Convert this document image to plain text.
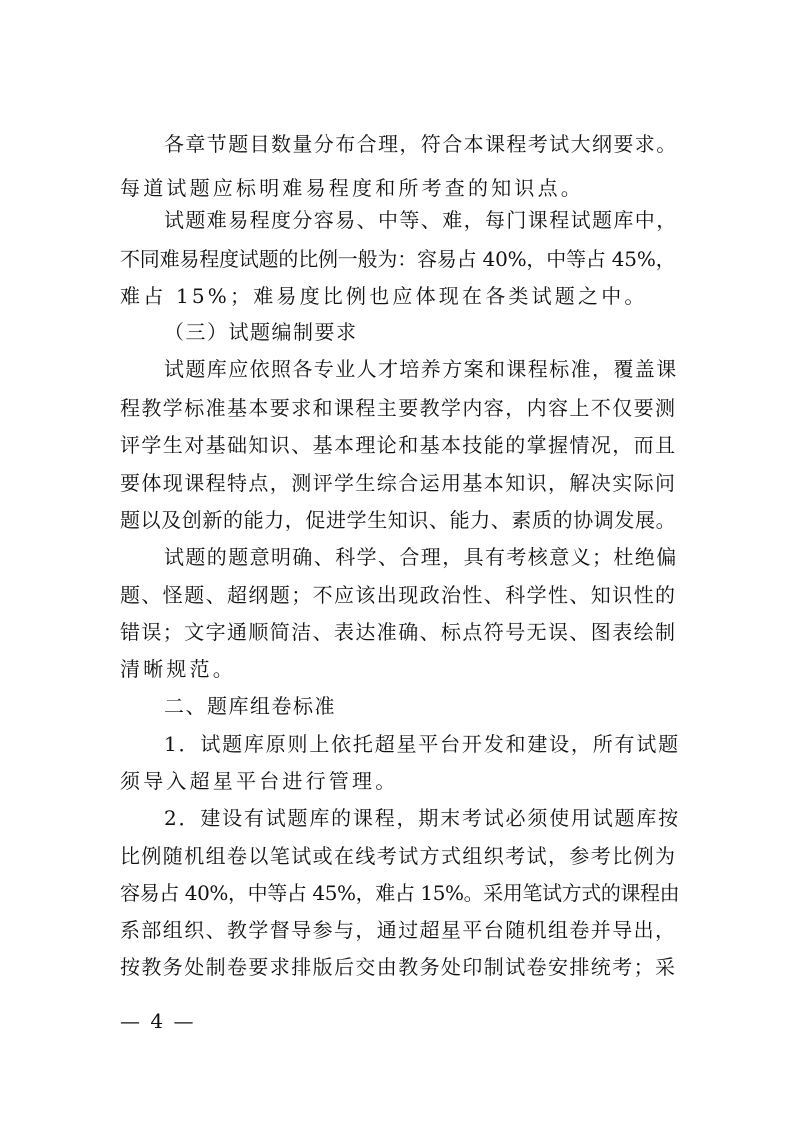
各章节题目数量分布合理，符合本课程考试大纲要求。
每道试题应标明难易程度和所考查的知识点。
试题难易程度分容易、中等、难，每门课程试题库中，
不同难易程度试题的比例一般为：容易占 40%，中等占 45%，
难占 15%；难易度比例也应体现在各类试题之中。
（三）试题编制要求
试题库应依照各专业人才培养方案和课程标准，覆盖课
程教学标准基本要求和课程主要教学内容，内容上不仅要测
评学生对基础知识、基本理论和基本技能的掌握情况，而且
要体现课程特点，测评学生综合运用基本知识，解决实际问
题以及创新的能力，促进学生知识、能力、素质的协调发展。
试题的题意明确、科学、合理，具有考核意义；杜绝偏
题、怪题、超纲题；不应该出现政治性、科学性、知识性的
错误；文字通顺简洁、表达准确、标点符号无误、图表绘制
清晰规范。
二、题库组卷标准
1．试题库原则上依托超星平台开发和建设，所有试题
须导入超星平台进行管理。
2．建设有试题库的课程，期末考试必须使用试题库按
比例随机组卷以笔试或在线考试方式组织考试，参考比例为
容易占 40%，中等占 45%，难占 15%。采用笔试方式的课程由
系部组织、教学督导参与，通过超星平台随机组卷并导出，
按教务处制卷要求排版后交由教务处印制试卷安排统考；采
— 4 —
